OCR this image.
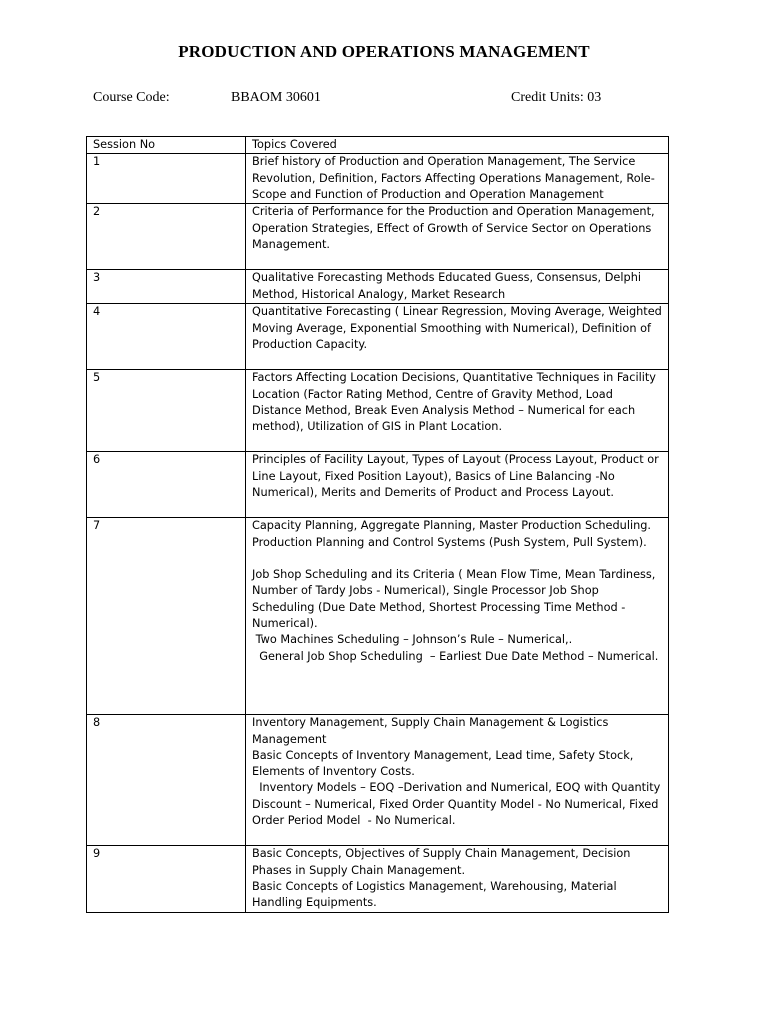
PRODUCTION AND OPERATIONS MANAGEMENT
Course Code:	BBAOM 30601	Credit Units: 03
Session No	Topics Covered
1	Brief history of Production and Operation Management, The Service Revolution, Definition, Factors Affecting Operations Management, Role- Scope and Function of Production and Operation Management

2	Criteria of Performance for the Production and Operation Management, Operation Strategies, Effect of Growth of Service Sector on Operations Management.

3	Qualitative Forecasting Methods Educated Guess, Consensus, Delphi Method, Historical Analogy, Market Research

4	Quantitative Forecasting ( Linear Regression, Moving Average, Weighted Moving Average, Exponential Smoothing with Numerical), Definition of Production Capacity.

5	Factors Affecting Location Decisions, Quantitative Techniques in Facility Location (Factor Rating Method, Centre of Gravity Method, Load Distance Method, Break Even Analysis Method – Numerical for each method), Utilization of GIS in Plant Location.

6	Principles of Facility Layout, Types of Layout (Process Layout, Product or Line Layout, Fixed Position Layout), Basics of Line Balancing -No Numerical), Merits and Demerits of Product and Process Layout.

7	Capacity Planning, Aggregate Planning, Master Production Scheduling.
Production Planning and Control Systems (Push System, Pull System).
Job Shop Scheduling and its Criteria ( Mean Flow Time, Mean Tardiness, Number of Tardy Jobs - Numerical), Single Processor Job Shop Scheduling (Due Date Method, Shortest Processing Time Method - Numerical).
Two Machines Scheduling – Johnson’s Rule – Numerical,.
General Job Shop Scheduling  – Earliest Due Date Method – Numerical.

8	Inventory Management, Supply Chain Management & Logistics Management
Basic Concepts of Inventory Management, Lead time, Safety Stock, Elements of Inventory Costs.
Inventory Models – EOQ –Derivation and Numerical, EOQ with Quantity Discount – Numerical, Fixed Order Quantity Model - No Numerical, Fixed Order Period Model  - No Numerical.

9	Basic Concepts, Objectives of Supply Chain Management, Decision Phases in Supply Chain Management.
Basic Concepts of Logistics Management, Warehousing, Material Handling Equipments.
